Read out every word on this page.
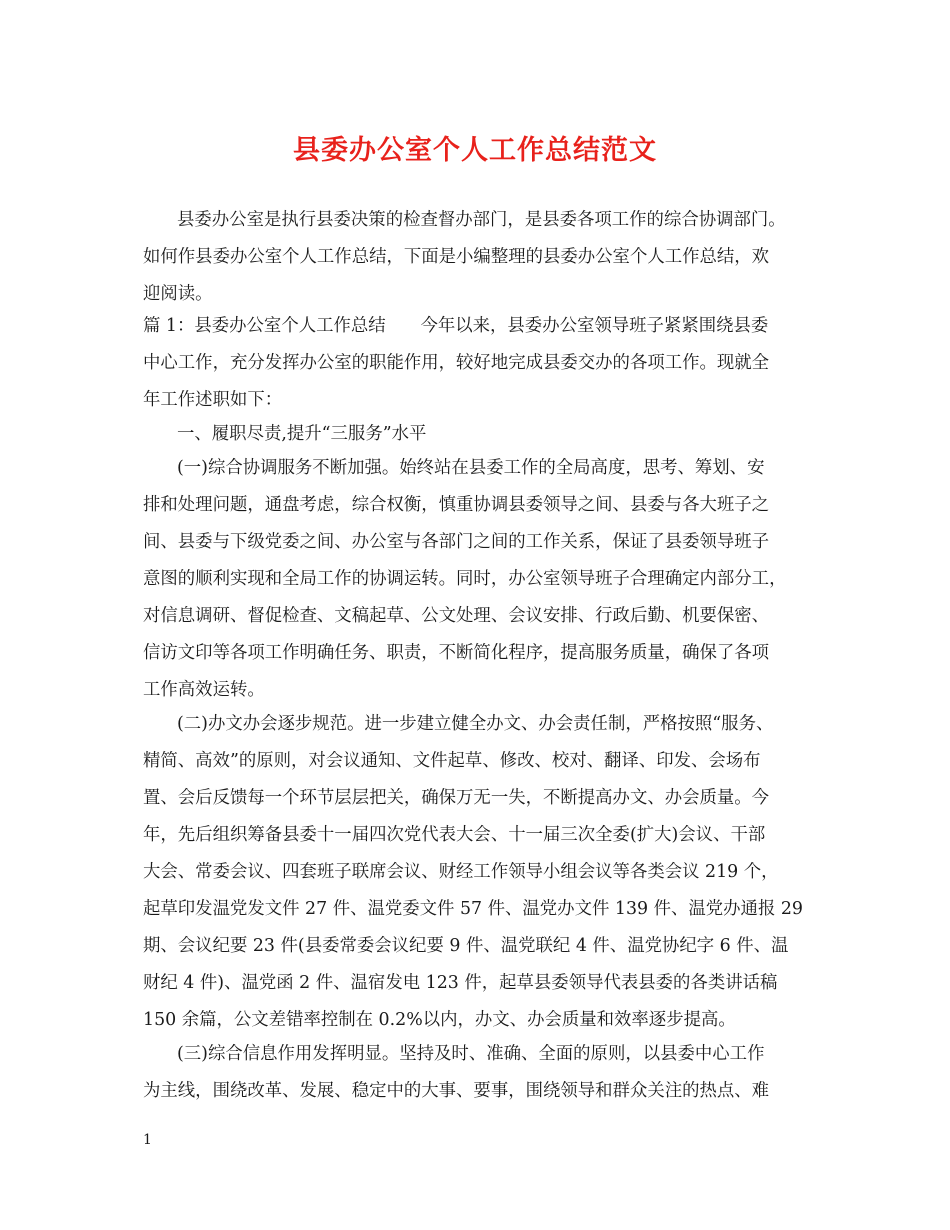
县委办公室个人工作总结范文
县委办公室是执行县委决策的检查督办部门，是县委各项工作的综合协调部门。
如何作县委办公室个人工作总结，下面是小编整理的县委办公室个人工作总结，欢
迎阅读。
篇 1：县委办公室个人工作总结　　今年以来，县委办公室领导班子紧紧围绕县委
中心工作，充分发挥办公室的职能作用，较好地完成县委交办的各项工作。现就全
年工作述职如下：
一、履职尽责,提升“三服务”水平
(一)综合协调服务不断加强。始终站在县委工作的全局高度，思考、筹划、安
排和处理问题，通盘考虑，综合权衡，慎重协调县委领导之间、县委与各大班子之
间、县委与下级党委之间、办公室与各部门之间的工作关系，保证了县委领导班子
意图的顺利实现和全局工作的协调运转。同时，办公室领导班子合理确定内部分工，
对信息调研、督促检查、文稿起草、公文处理、会议安排、行政后勤、机要保密、
信访文印等各项工作明确任务、职责，不断简化程序，提高服务质量，确保了各项
工作高效运转。
(二)办文办会逐步规范。进一步建立健全办文、办会责任制，严格按照“服务、
精简、高效”的原则，对会议通知、文件起草、修改、校对、翻译、印发、会场布
置、会后反馈每一个环节层层把关，确保万无一失，不断提高办文、办会质量。今
年，先后组织筹备县委十一届四次党代表大会、十一届三次全委(扩大)会议、干部
大会、常委会议、四套班子联席会议、财经工作领导小组会议等各类会议 219 个，
起草印发温党发文件 27 件、温党委文件 57 件、温党办文件 139 件、温党办通报 29
期、会议纪要 23 件(县委常委会议纪要 9 件、温党联纪 4 件、温党协纪字 6 件、温
财纪 4 件)、温党函 2 件、温宿发电 123 件，起草县委领导代表县委的各类讲话稿
150 余篇，公文差错率控制在 0.2%以内，办文、办会质量和效率逐步提高。
(三)综合信息作用发挥明显。坚持及时、准确、全面的原则，以县委中心工作
为主线，围绕改革、发展、稳定中的大事、要事，围绕领导和群众关注的热点、难
1
